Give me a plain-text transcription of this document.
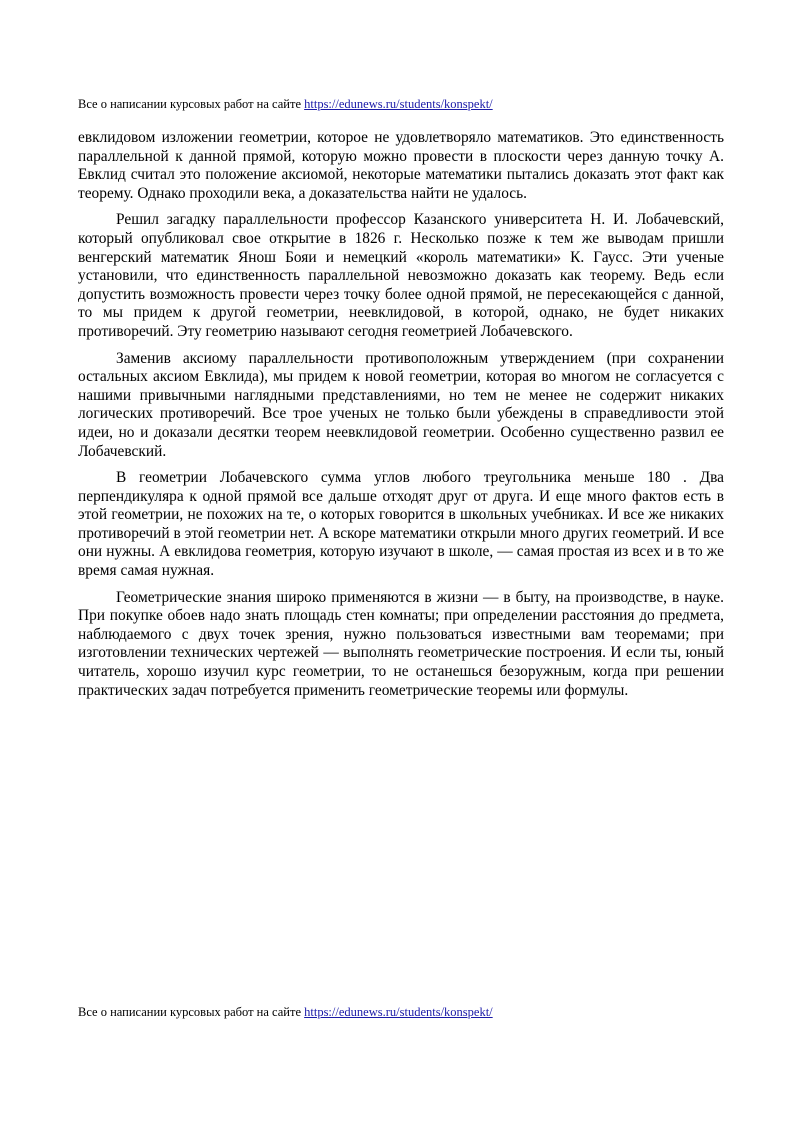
Все о написании курсовых работ на сайте https://edunews.ru/students/konspekt/

евклидовом изложении геометрии, которое не удовлетворяло математиков. Это единственность параллельной к данной прямой, которую можно провести в плоскости через данную точку А. Евклид считал это положение аксиомой, некоторые математики пытались доказать этот факт как теорему. Однако проходили века, а доказательства найти не удалось.

Решил загадку параллельности профессор Казанского университета Н. И. Лобачевский, который опубликовал свое открытие в 1826 г. Несколько позже к тем же выводам пришли венгерский математик Янош Бояи и немецкий «король математики» К. Гаусс. Эти ученые установили, что единственность параллельной невозможно доказать как теорему. Ведь если допустить возможность провести через точку более одной прямой, не пересекающейся с данной, то мы придем к другой геометрии, неевклидовой, в которой, однако, не будет никаких противоречий. Эту геометрию называют сегодня геометрией Лобачевского.

Заменив аксиому параллельности противоположным утверждением (при сохранении остальных аксиом Евклида), мы придем к новой геометрии, которая во многом не согласуется с нашими привычными наглядными представлениями, но тем не менее не содержит никаких логических противоречий. Все трое ученых не только были убеждены в справедливости этой идеи, но и доказали десятки теорем неевклидовой геометрии. Особенно существенно развил ее Лобачевский.

В геометрии Лобачевского сумма углов любого треугольника меньше 180 . Два перпендикуляра к одной прямой все дальше отходят друг от друга. И еще много фактов есть в этой геометрии, не похожих на те, о которых говорится в школьных учебниках. И все же никаких противоречий в этой геометрии нет. А вскоре математики открыли много других геометрий. И все они нужны. А евклидова геометрия, которую изучают в школе, — самая простая из всех и в то же время самая нужная.

Геометрические знания широко применяются в жизни — в быту, на производстве, в науке. При покупке обоев надо знать площадь стен комнаты; при определении расстояния до предмета, наблюдаемого с двух точек зрения, нужно пользоваться известными вам теоремами; при изготовлении технических чертежей — выполнять геометрические построения. И если ты, юный читатель, хорошо изучил курс геометрии, то не останешься безоружным, когда при решении практических задач потребуется применить геометрические теоремы или формулы.

Все о написании курсовых работ на сайте https://edunews.ru/students/konspekt/
